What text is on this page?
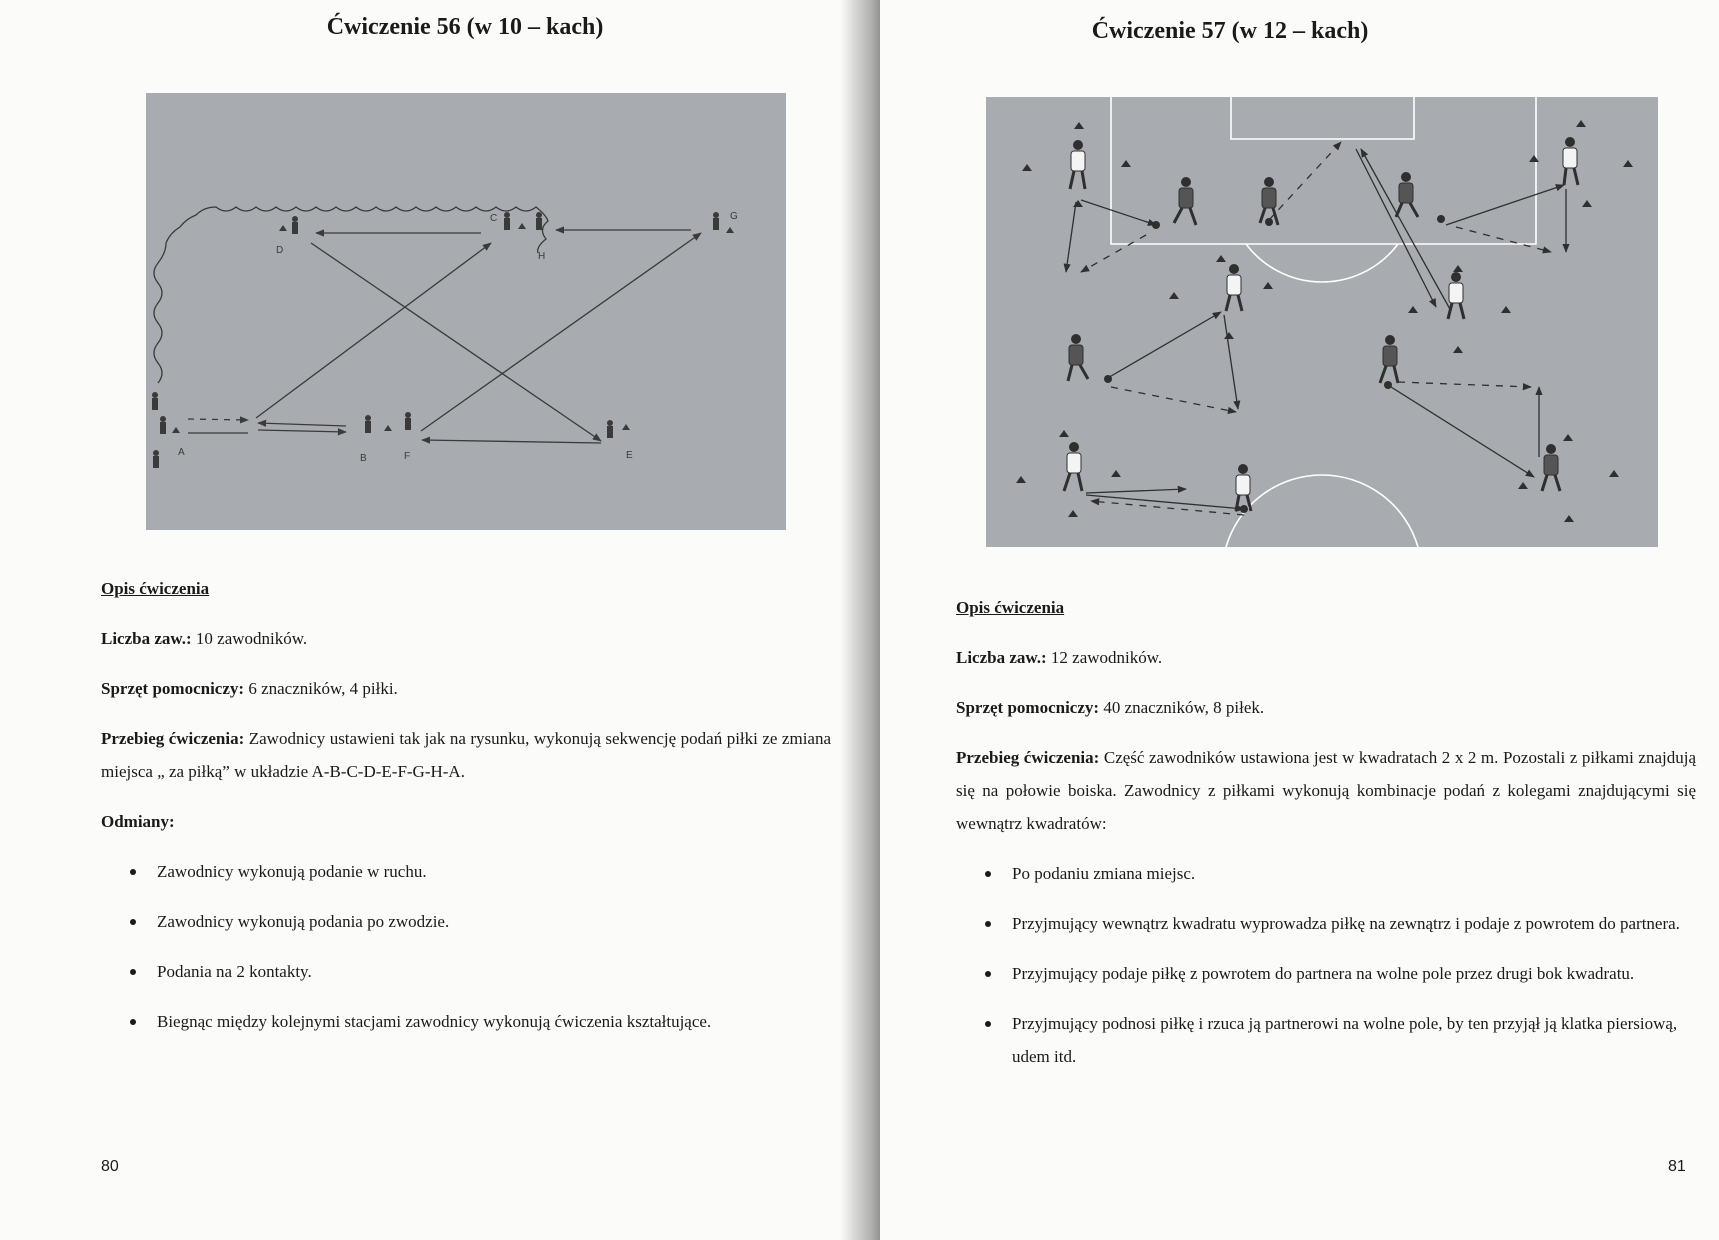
Ćwiczenie 56 (w 10 – kach)
D
C
H
G
A
B	F	E
Opis ćwiczenia
Liczba zaw.: 10 zawodników.
Sprzęt pomocniczy: 6 znaczników, 4 piłki.
Przebieg ćwiczenia: Zawodnicy ustawieni tak jak na rysunku, wykonują sekwencję podań piłki ze zmiana miejsca „ za piłką” w układzie A-B-C-D-E-F-G-H-A.
Odmiany:
Zawodnicy wykonują podanie w ruchu.
Zawodnicy wykonują podania po zwodzie.
Podania na 2 kontakty.
Biegnąc między kolejnymi stacjami zawodnicy wykonują ćwiczenia kształtujące.
80
Ćwiczenie 57 (w 12 – kach)
Opis ćwiczenia
Liczba zaw.: 12 zawodników.
Sprzęt pomocniczy: 40 znaczników, 8 piłek.
Przebieg ćwiczenia: Część zawodników ustawiona jest w kwadratach 2 x 2 m. Pozostali z piłkami znajdują się na połowie boiska. Zawodnicy z piłkami wykonują kombinacje podań z kolegami znajdującymi się wewnątrz kwadratów:
Po podaniu zmiana miejsc.
Przyjmujący wewnątrz kwadratu wyprowadza piłkę na zewnątrz i podaje z powrotem do partnera.
Przyjmujący podaje piłkę z powrotem do partnera na wolne pole przez drugi bok kwadratu.
Przyjmujący podnosi piłkę i rzuca ją partnerowi na wolne pole, by ten przyjął ją klatka piersiową, udem itd.
81
